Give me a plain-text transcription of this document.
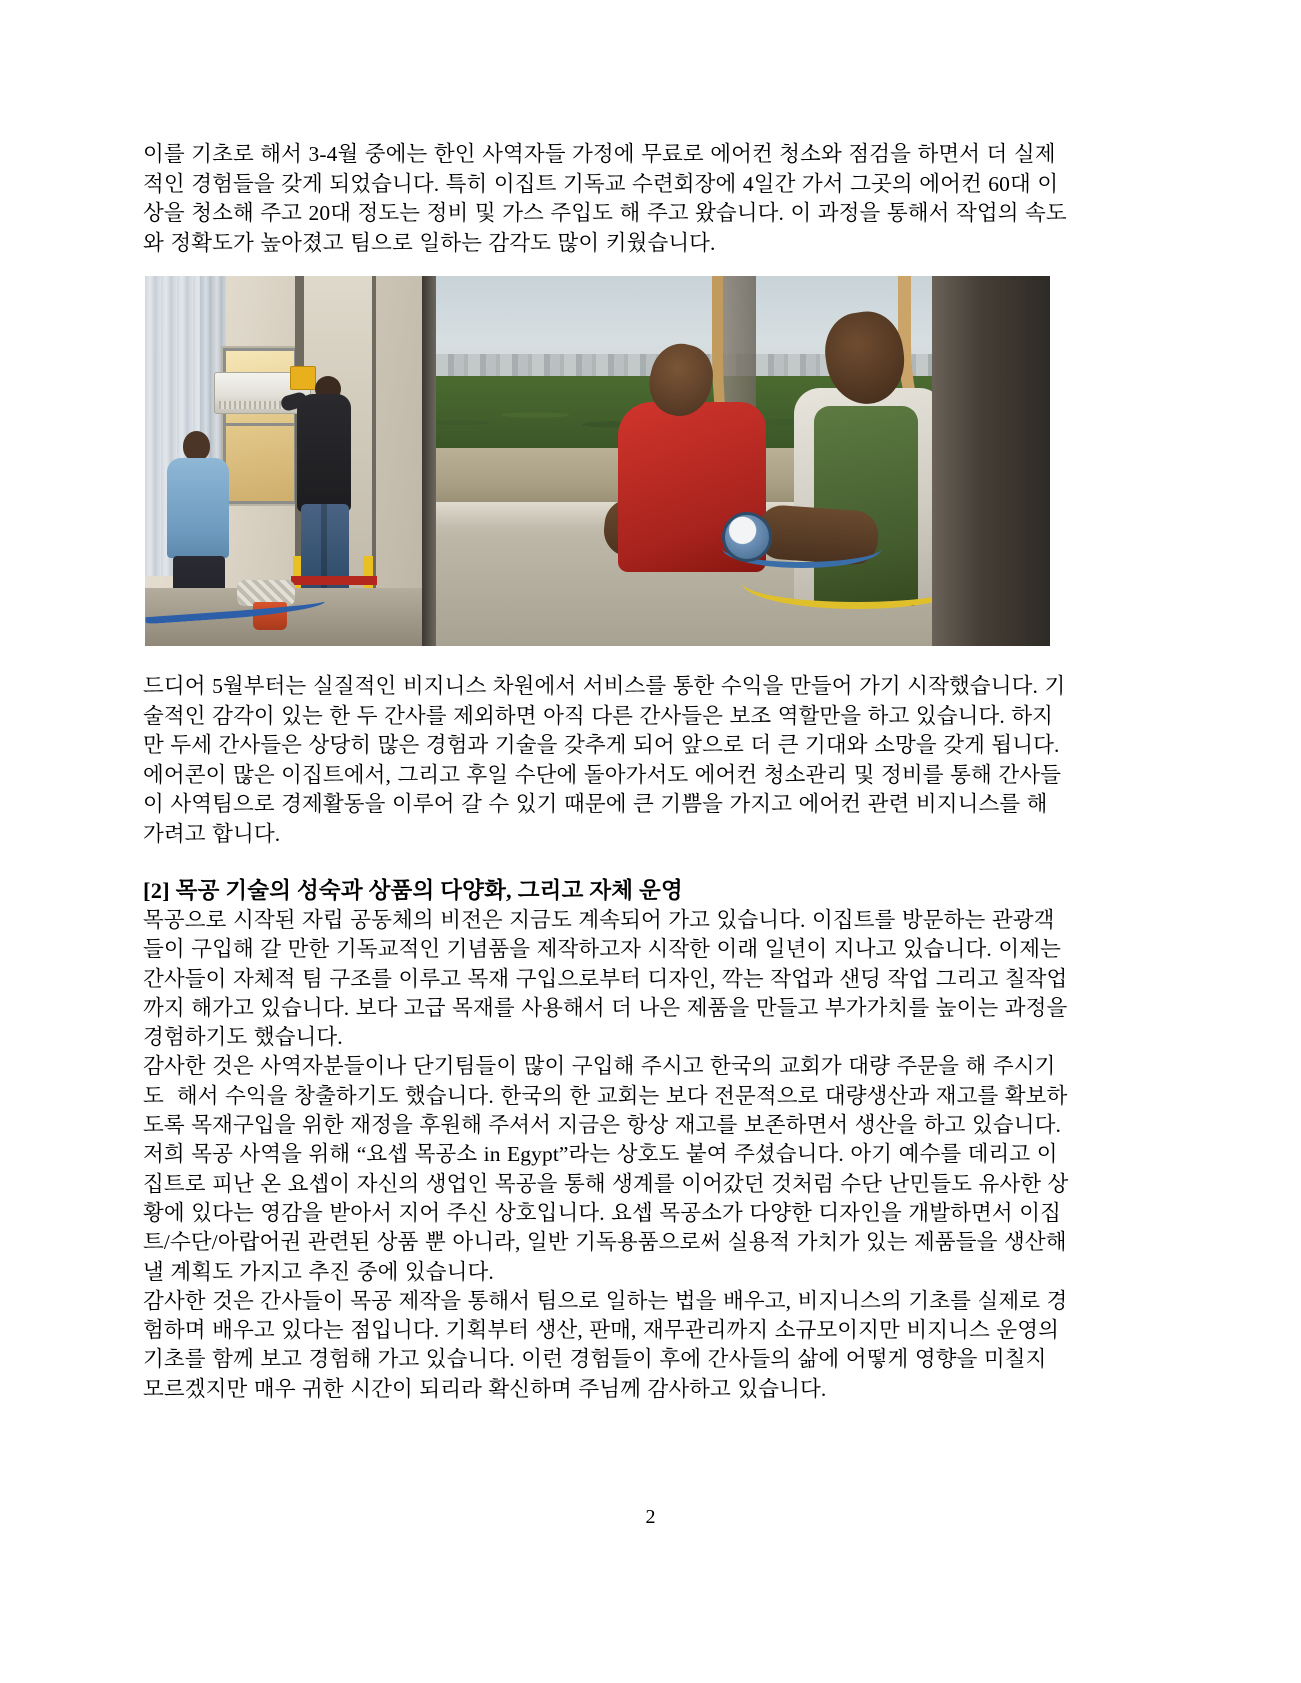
이를 기초로 해서 3-4월 중에는 한인 사역자들 가정에 무료로 에어컨 청소와 점검을 하면서 더 실제적인 경험들을 갖게 되었습니다. 특히 이집트 기독교 수련회장에 4일간 가서 그곳의 에어컨 60대 이상을 청소해 주고 20대 정도는 정비 및 가스 주입도 해 주고 왔습니다. 이 과정을 통해서 작업의 속도와 정확도가 높아졌고 팀으로 일하는 감각도 많이 키웠습니다.

드디어 5월부터는 실질적인 비지니스 차원에서 서비스를 통한 수익을 만들어 가기 시작했습니다. 기술적인 감각이 있는 한 두 간사를 제외하면 아직 다른 간사들은 보조 역할만을 하고 있습니다. 하지만 두세 간사들은 상당히 많은 경험과 기술을 갖추게 되어 앞으로 더 큰 기대와 소망을 갖게 됩니다. 에어콘이 많은 이집트에서, 그리고 후일 수단에 돌아가서도 에어컨 청소관리 및 정비를 통해 간사들이 사역팀으로 경제활동을 이루어 갈 수 있기 때문에 큰 기쁨을 가지고 에어컨 관련 비지니스를 해 가려고 합니다.

[2] 목공 기술의 성숙과 상품의 다양화, 그리고 자체 운영

목공으로 시작된 자립 공동체의 비전은 지금도 계속되어 가고 있습니다. 이집트를 방문하는 관광객들이 구입해 갈 만한 기독교적인 기념품을 제작하고자 시작한 이래 일년이 지나고 있습니다. 이제는 간사들이 자체적 팀 구조를 이루고 목재 구입으로부터 디자인, 깍는 작업과 샌딩 작업 그리고 칠작업까지 해가고 있습니다. 보다 고급 목재를 사용해서 더 나은 제품을 만들고 부가가치를 높이는 과정을 경험하기도 했습니다.

감사한 것은 사역자분들이나 단기팀들이 많이 구입해 주시고 한국의 교회가 대량 주문을 해 주시기도  해서 수익을 창출하기도 했습니다. 한국의 한 교회는 보다 전문적으로 대량생산과 재고를 확보하도록 목재구입을 위한 재정을 후원해 주셔서 지금은 항상 재고를 보존하면서 생산을 하고 있습니다. 저희 목공 사역을 위해 “요셉 목공소 in Egypt”라는 상호도 붙여 주셨습니다. 아기 예수를 데리고 이집트로 피난 온 요셉이 자신의 생업인 목공을 통해 생계를 이어갔던 것처럼 수단 난민들도 유사한 상황에 있다는 영감을 받아서 지어 주신 상호입니다. 요셉 목공소가 다양한 디자인을 개발하면서 이집트/수단/아랍어권 관련된 상품 뿐 아니라, 일반 기독용품으로써 실용적 가치가 있는 제품들을 생산해 낼 계획도 가지고 추진 중에 있습니다.

감사한 것은 간사들이 목공 제작을 통해서 팀으로 일하는 법을 배우고, 비지니스의 기초를 실제로 경험하며 배우고 있다는 점입니다. 기획부터 생산, 판매, 재무관리까지 소규모이지만 비지니스 운영의 기초를 함께 보고 경험해 가고 있습니다. 이런 경험들이 후에 간사들의 삶에 어떻게 영향을 미칠지 모르겠지만 매우 귀한 시간이 되리라 확신하며 주님께 감사하고 있습니다.

2
